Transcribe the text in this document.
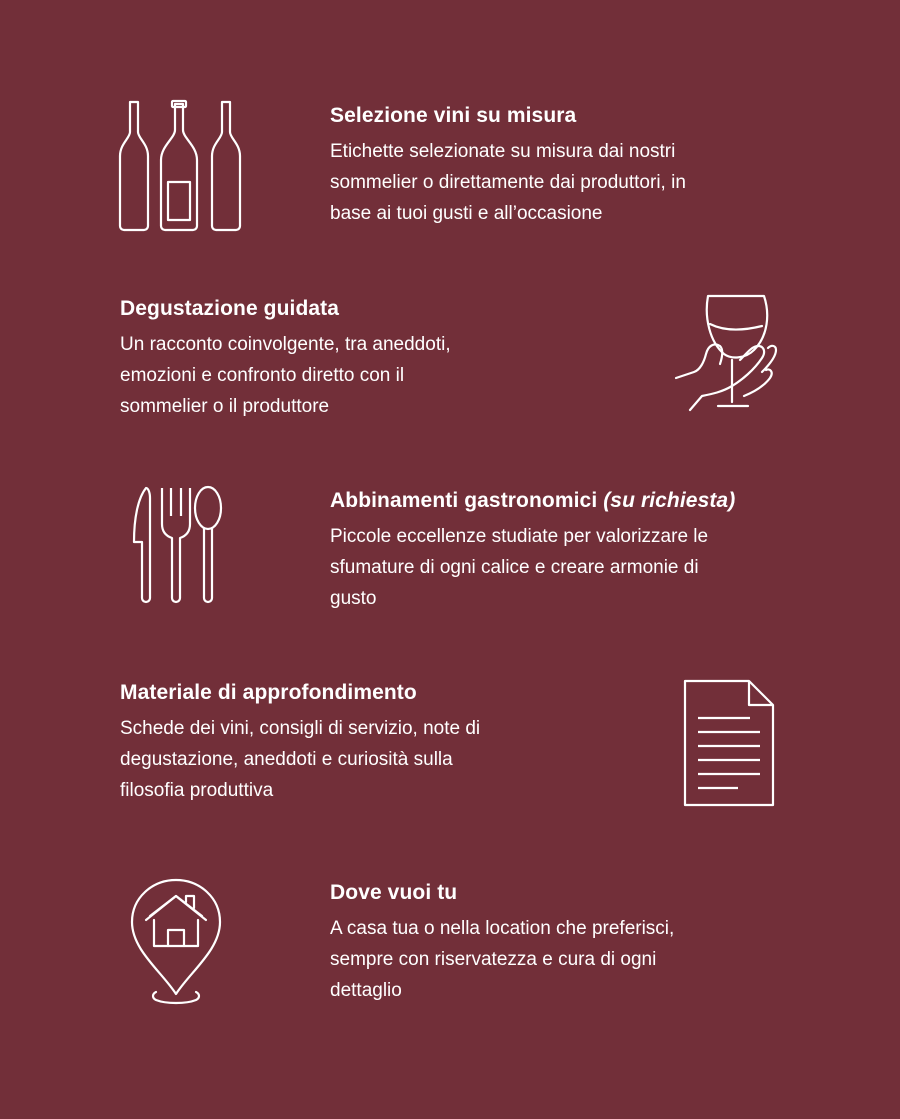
Selezione vini su misura

Etichette selezionate su misura dai nostri
sommelier o direttamente dai produttori, in
base ai tuoi gusti e all’occasione

Degustazione guidata

Un racconto coinvolgente, tra aneddoti,
emozioni e confronto diretto con il
sommelier o il produttore

Abbinamenti gastronomici (su richiesta)

Piccole eccellenze studiate per valorizzare le
sfumature di ogni calice e creare armonie di
gusto

Materiale di approfondimento

Schede dei vini, consigli di servizio, note di
degustazione, aneddoti e curiosità sulla
filosofia produttiva

Dove vuoi tu

A casa tua o nella location che preferisci,
sempre con riservatezza e cura di ogni
dettaglio
